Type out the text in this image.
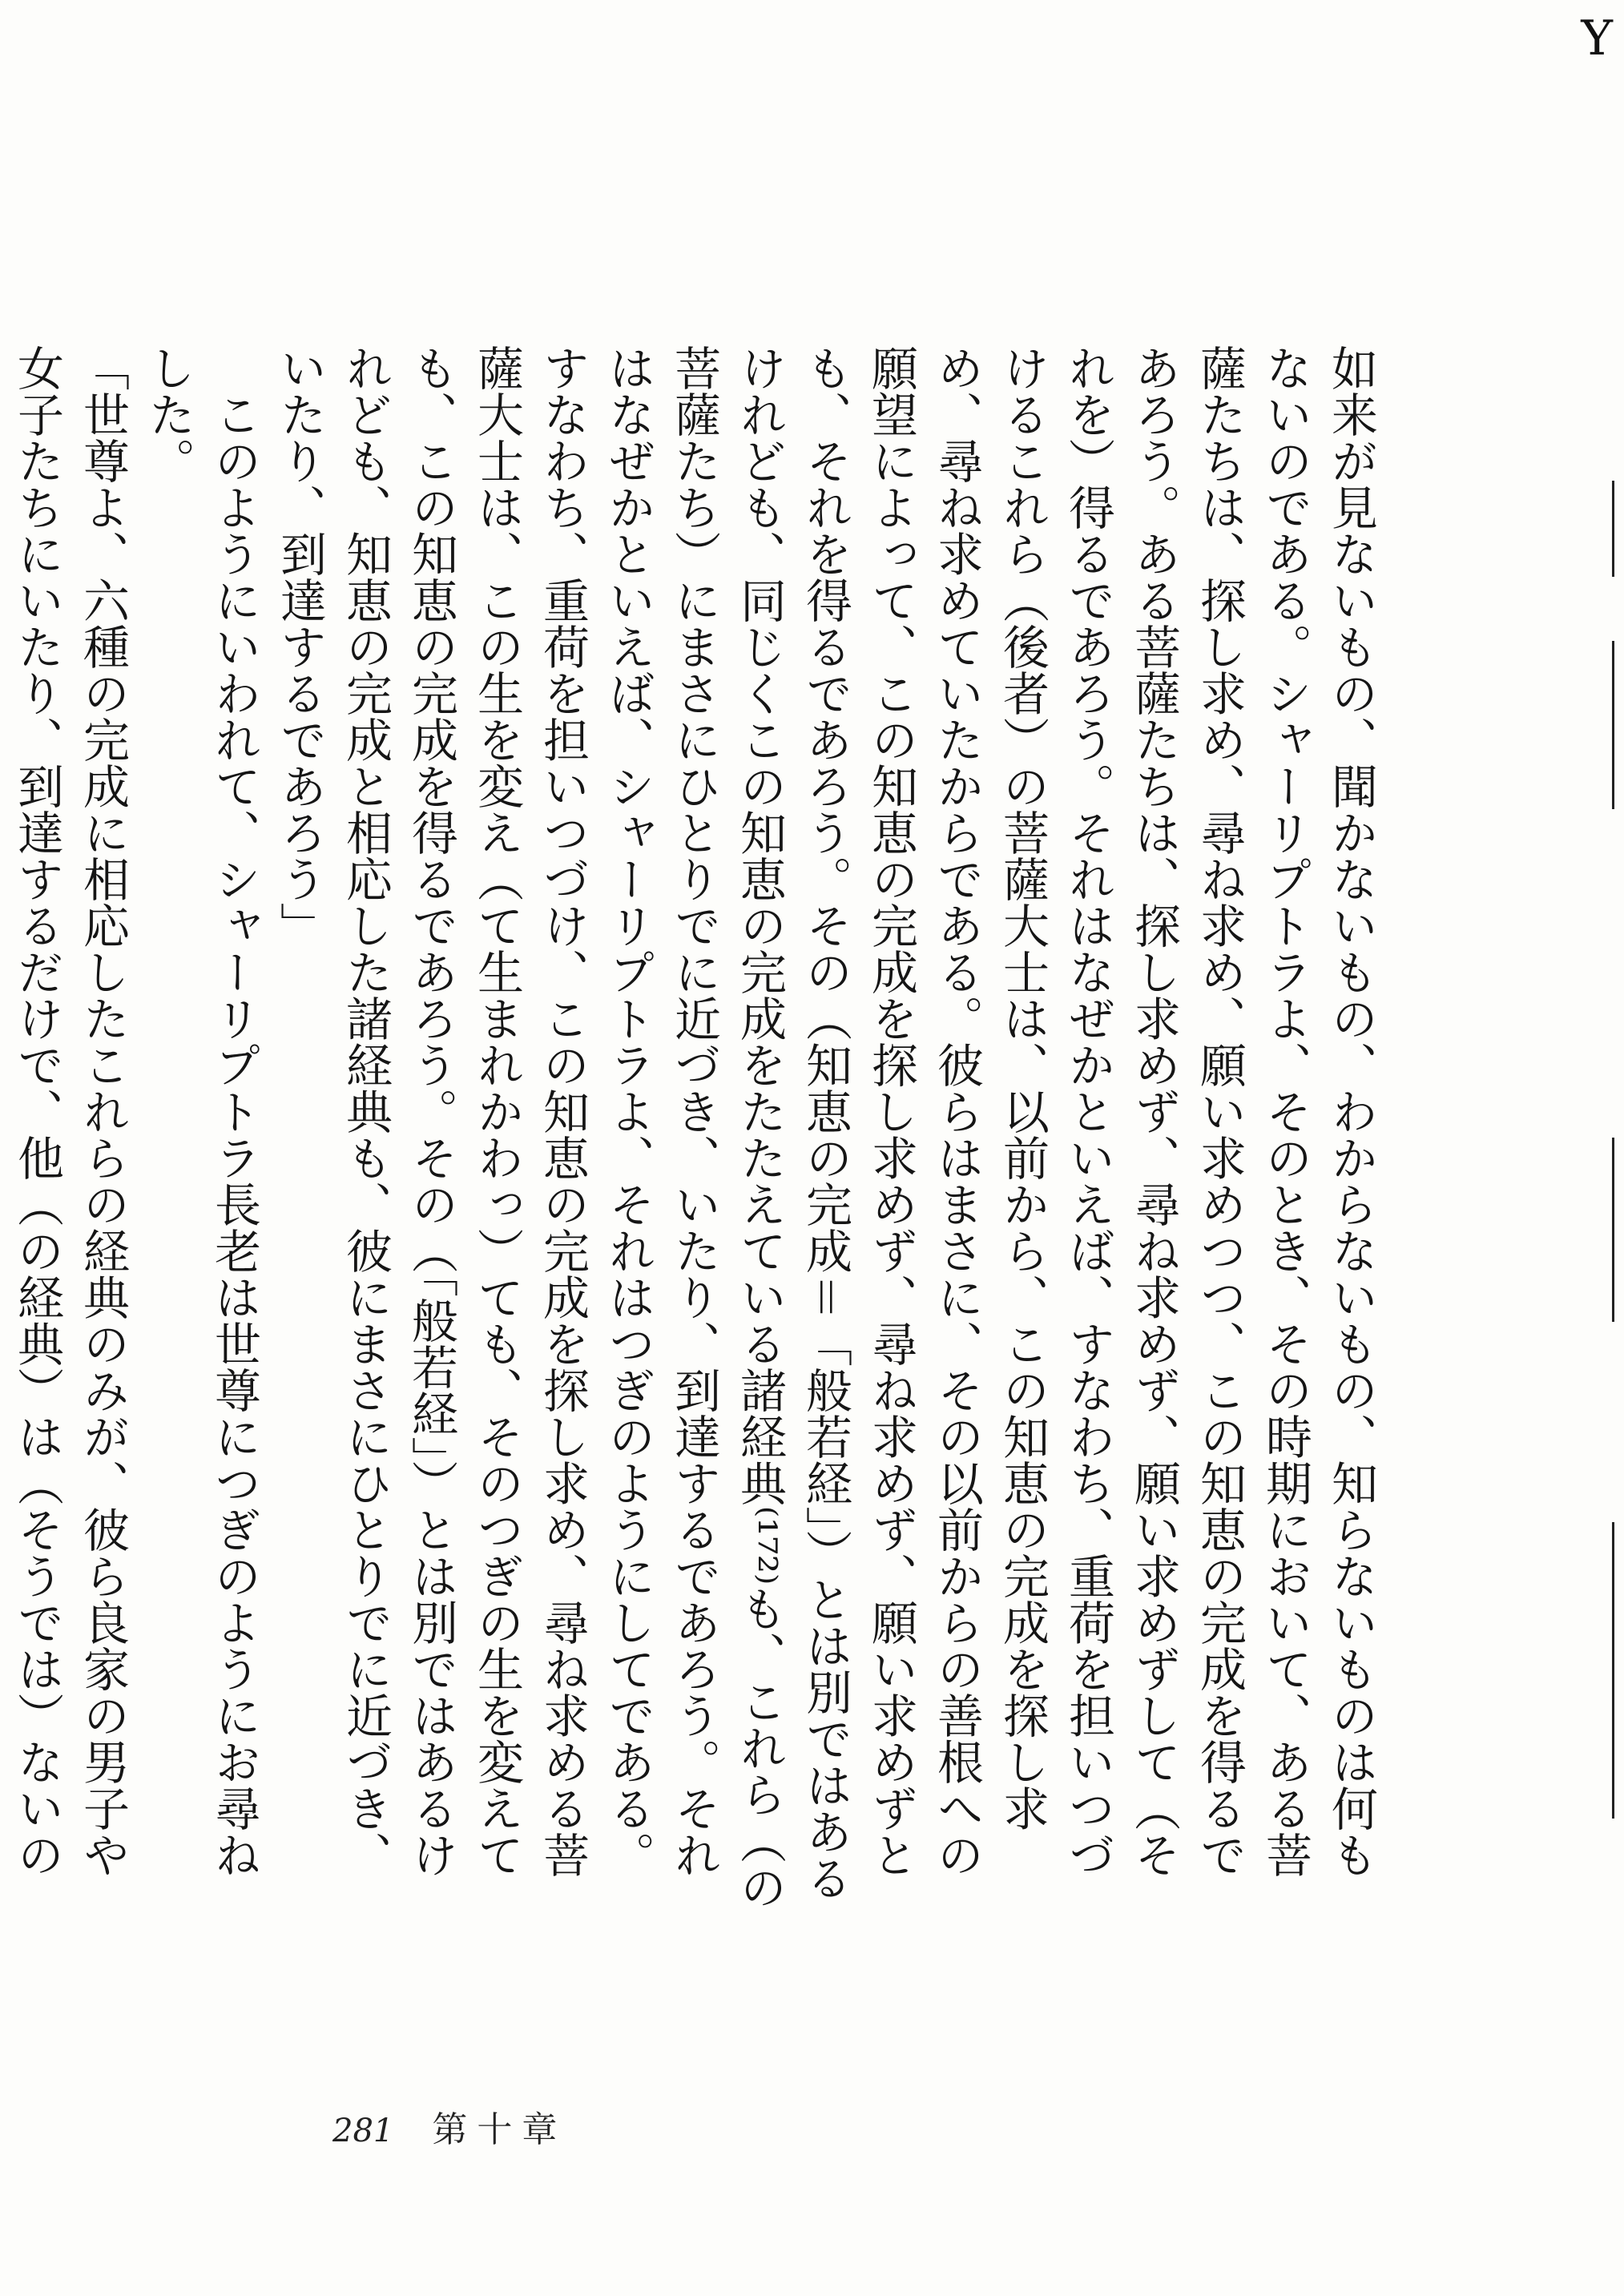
Y

如来が見ないもの、聞かないもの、わからないもの、知らないものは何もないのである。シャーリプトラよ、そのとき、その時期において、ある菩薩たちは、探し求め、尋ね求め、願い求めつつ、この知恵の完成を得るであろう。ある菩薩たちは、探し求めず、尋ね求めず、願い求めずして（それを）得るであろう。それはなぜかといえば、すなわち、重荷を担いつづけるこれら（後者）の菩薩大士は、以前から、この知恵の完成を探し求め、尋ね求めていたからである。彼らはまさに、その以前からの善根への願望によって、この知恵の完成を探し求めず、尋ね求めず、願い求めずとも、それを得るであろう。その（知恵の完成＝「般若経」）とは別ではあるけれども、同じくこの知恵の完成をたたえている諸経典⁽¹⁷²⁾も、これら（の菩薩たち）にまさにひとりでに近づき、いたり、到達するであろう。それはなぜかといえば、シャーリプトラよ、それはつぎのようにしてである。すなわち、重荷を担いつづけ、この知恵の完成を探し求め、尋ね求める菩薩大士は、この生を変え（て生まれかわっ）ても、そのつぎの生を変えても、この知恵の完成を得るであろう。その（「般若経」）とは別ではあるけれども、知恵の完成と相応した諸経典も、彼にまさにひとりでに近づき、いたり、到達するであろう」

このようにいわれて、シャーリプトラ長老は世尊につぎのようにお尋ねした。

「世尊よ、六種の完成に相応したこれらの経典のみが、彼ら良家の男子や女子たちにいたり、到達するだけで、他（の経典）は（そうでは）ないの

281 第十章
